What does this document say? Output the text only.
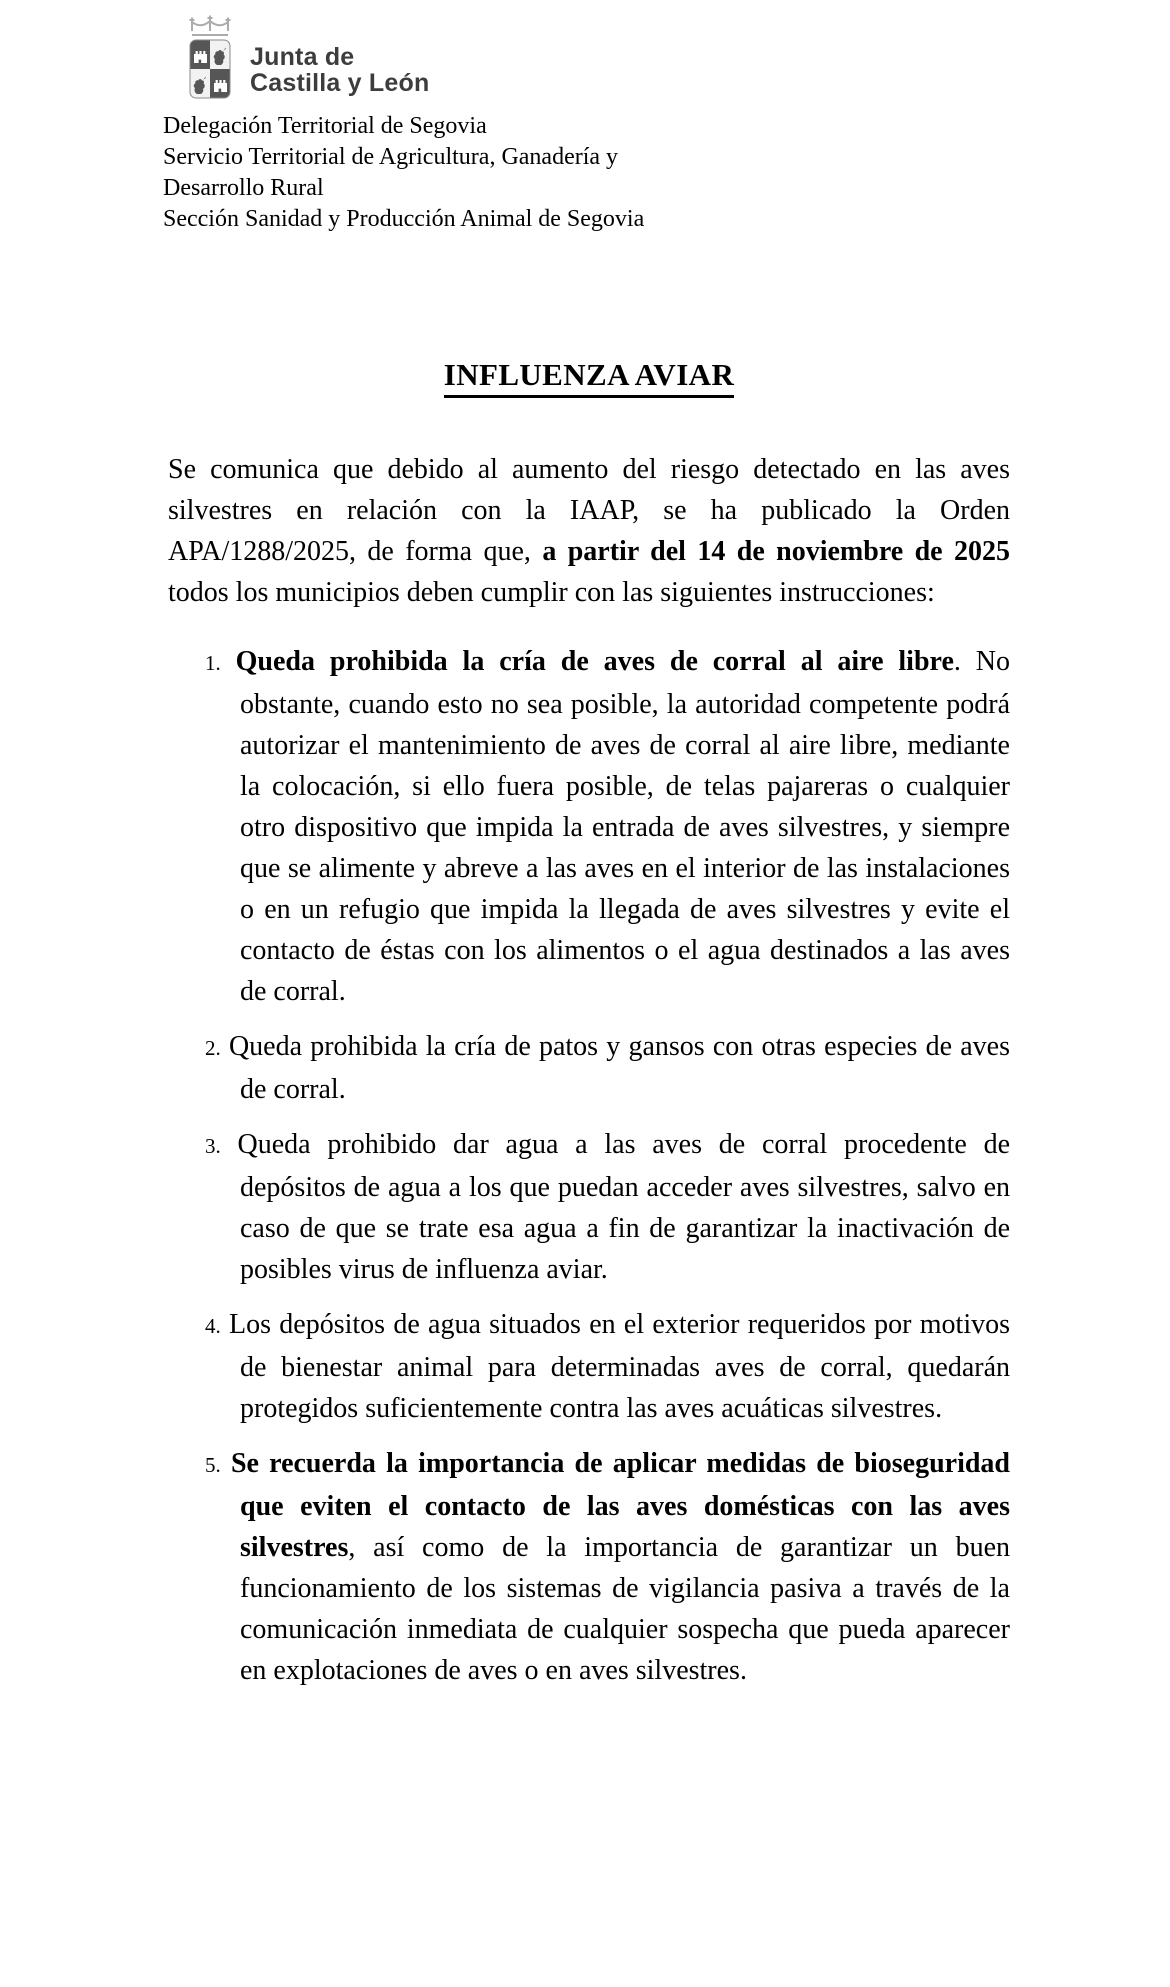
Junta de
Castilla y León
Delegación Territorial de Segovia
Servicio Territorial de Agricultura, Ganadería y
Desarrollo Rural
Sección Sanidad y Producción Animal de Segovia
INFLUENZA AVIAR

Se comunica que debido al aumento del riesgo detectado en las aves silvestres en relación con la IAAP, se ha publicado la Orden APA/1288/2025, de forma que, a partir del 14 de noviembre de 2025 todos los municipios deben cumplir con las siguientes instrucciones:

1. Queda prohibida la cría de aves de corral al aire libre. No obstante, cuando esto no sea posible, la autoridad competente podrá autorizar el mantenimiento de aves de corral al aire libre, mediante la colocación, si ello fuera posible, de telas pajareras o cualquier otro dispositivo que impida la entrada de aves silvestres, y siempre que se alimente y abreve a las aves en el interior de las instalaciones o en un refugio que impida la llegada de aves silvestres y evite el contacto de éstas con los alimentos o el agua destinados a las aves de corral.
2. Queda prohibida la cría de patos y gansos con otras especies de aves de corral.
3. Queda prohibido dar agua a las aves de corral procedente de depósitos de agua a los que puedan acceder aves silvestres, salvo en caso de que se trate esa agua a fin de garantizar la inactivación de posibles virus de influenza aviar.
4. Los depósitos de agua situados en el exterior requeridos por motivos de bienestar animal para determinadas aves de corral, quedarán protegidos suficientemente contra las aves acuáticas silvestres.
5. Se recuerda la importancia de aplicar medidas de bioseguridad que eviten el contacto de las aves domésticas con las aves silvestres, así como de la importancia de garantizar un buen funcionamiento de los sistemas de vigilancia pasiva a través de la comunicación inmediata de cualquier sospecha que pueda aparecer en explotaciones de aves o en aves silvestres.
